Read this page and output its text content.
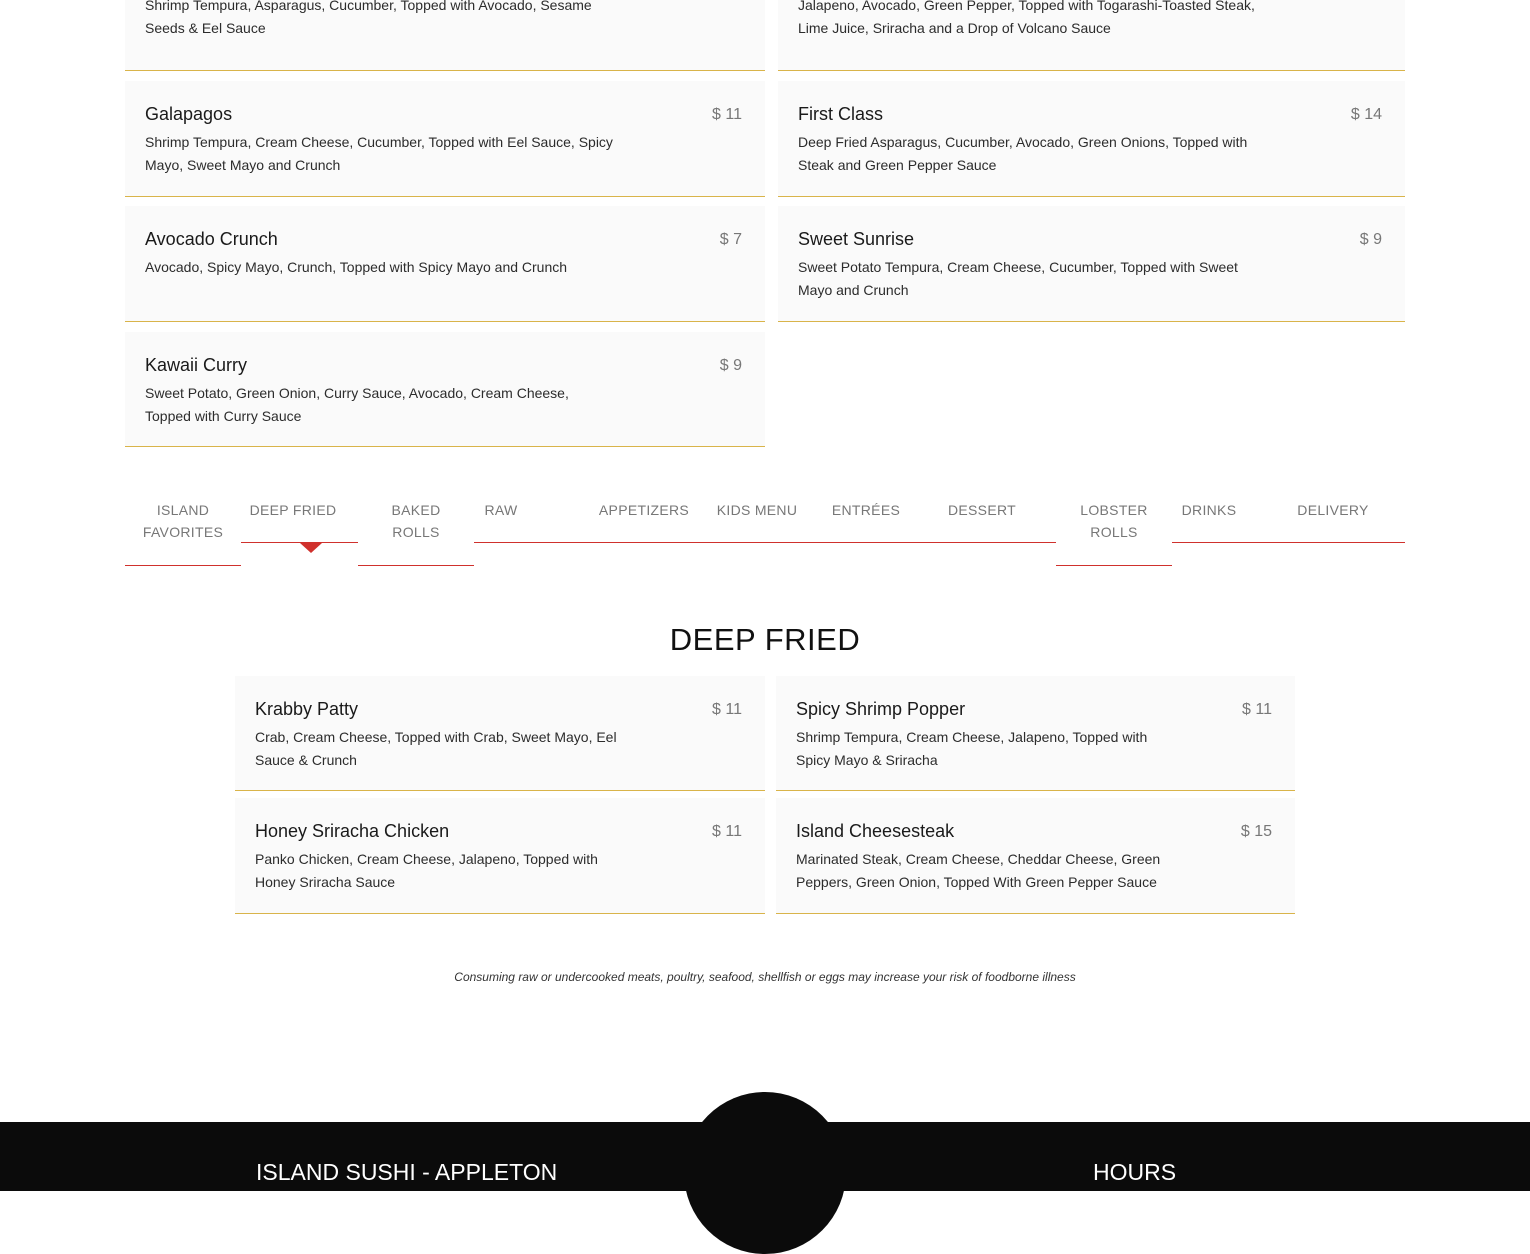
Shrimp Tempura, Asparagus, Cucumber, Topped with Avocado, Sesame Seeds & Eel Sauce
Jalapeno, Avocado, Green Pepper, Topped with Togarashi-Toasted Steak, Lime Juice, Sriracha and a Drop of Volcano Sauce
Galapagos	$ 11
Shrimp Tempura, Cream Cheese, Cucumber, Topped with Eel Sauce, Spicy Mayo, Sweet Mayo and Crunch
First Class	$ 14
Deep Fried Asparagus, Cucumber, Avocado, Green Onions, Topped with Steak and Green Pepper Sauce
Avocado Crunch	$ 7
Avocado, Spicy Mayo, Crunch, Topped with Spicy Mayo and Crunch
Sweet Sunrise	$ 9
Sweet Potato Tempura, Cream Cheese, Cucumber, Topped with Sweet Mayo and Crunch
Kawaii Curry	$ 9
Sweet Potato, Green Onion, Curry Sauce, Avocado, Cream Cheese, Topped with Curry Sauce
ISLAND FAVORITES
DEEP FRIED	BAKED ROLLS
RAW	APPETIZERS	KIDS MENU	ENTRÉES	DESSERT	LOBSTER ROLLS
DRINKS	DELIVERY
DEEP FRIED
Krabby Patty	$ 11
Crab, Cream Cheese, Topped with Crab, Sweet Mayo, Eel Sauce & Crunch
Spicy Shrimp Popper	$ 11
Shrimp Tempura, Cream Cheese, Jalapeno, Topped with Spicy Mayo & Sriracha
Honey Sriracha Chicken	$ 11
Panko Chicken, Cream Cheese, Jalapeno, Topped with Honey Sriracha Sauce
Island Cheesesteak	$ 15
Marinated Steak, Cream Cheese, Cheddar Cheese, Green Peppers, Green Onion, Topped With Green Pepper Sauce
Consuming raw or undercooked meats, poultry, seafood, shellfish or eggs may increase your risk of foodborne illness
ISLAND SUSHI - APPLETON	HOURS
